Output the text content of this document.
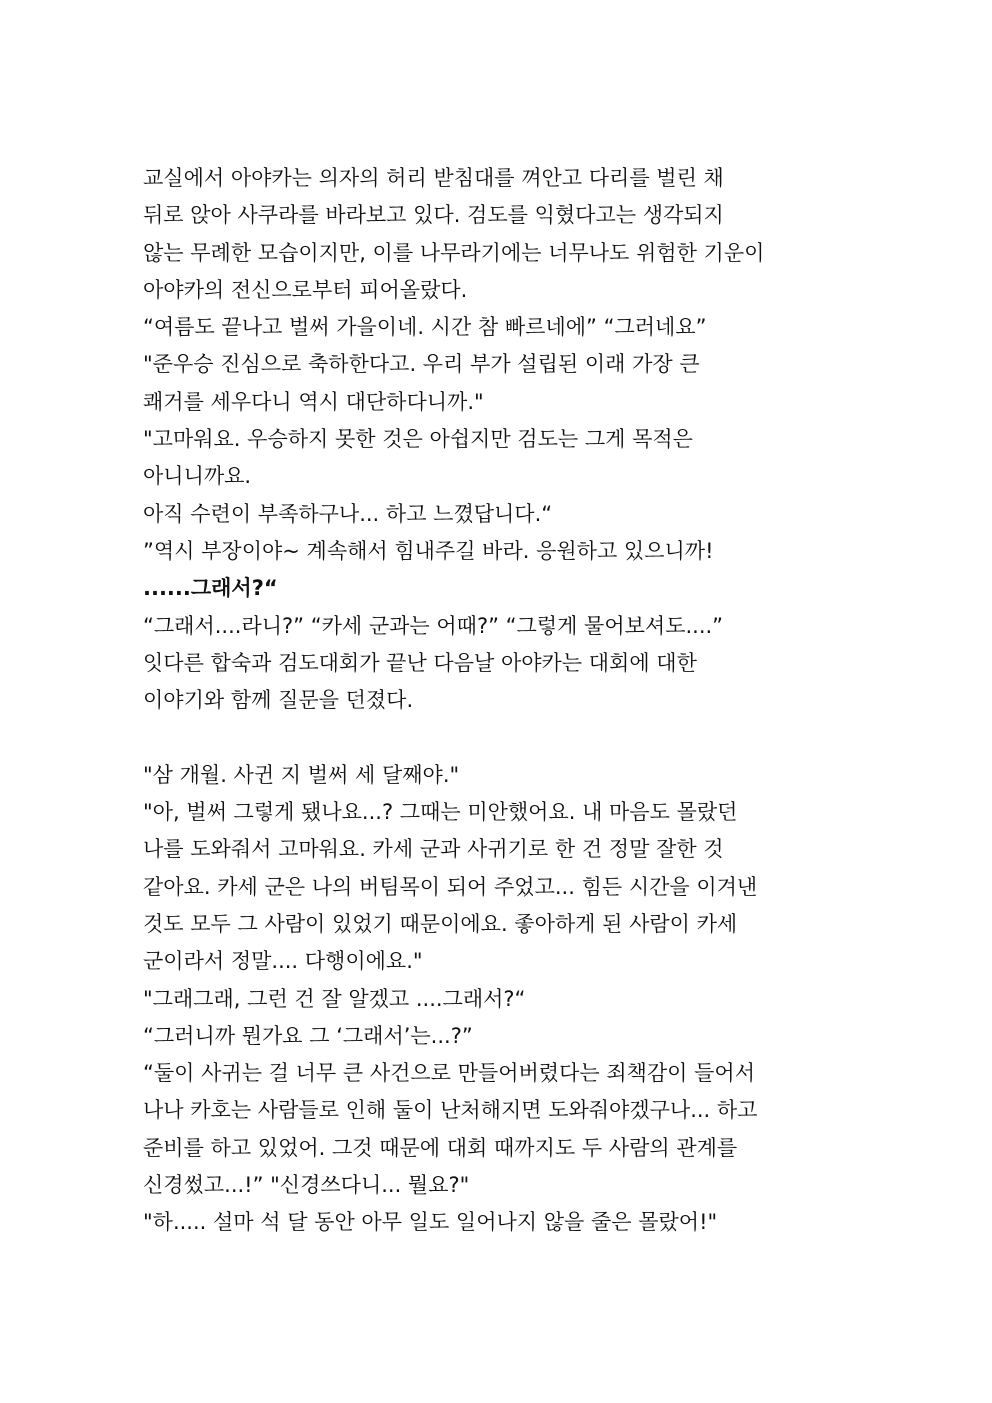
교실에서 아야카는 의자의 허리 받침대를 껴안고 다리를 벌린 채

뒤로 앉아 사쿠라를 바라보고 있다. 검도를 익혔다고는 생각되지

않는 무례한 모습이지만, 이를 나무라기에는 너무나도 위험한 기운이

아야카의 전신으로부터 피어올랐다.

“여름도 끝나고 벌써 가을이네. 시간 참 빠르네에” “그러네요”

"준우승 진심으로 축하한다고. 우리 부가 설립된 이래 가장 큰

쾌거를 세우다니 역시 대단하다니까."

"고마워요. 우승하지 못한 것은 아쉽지만 검도는 그게 목적은

아니니까요.

아직 수련이 부족하구나... 하고 느꼈답니다.“

”역시 부장이야~ 계속해서 힘내주길 바라. 응원하고 있으니까!

......그래서?“

“그래서....라니?” “카세 군과는 어때?” “그렇게 물어보셔도....”

잇다른 합숙과 검도대회가 끝난 다음날 아야카는 대회에 대한

이야기와 함께 질문을 던졌다.

"삼 개월. 사귄 지 벌써 세 달째야."

"아, 벌써 그렇게 됐나요...? 그때는 미안했어요. 내 마음도 몰랐던

나를 도와줘서 고마워요. 카세 군과 사귀기로 한 건 정말 잘한 것

같아요. 카세 군은 나의 버팀목이 되어 주었고... 힘든 시간을 이겨낸

것도 모두 그 사람이 있었기 때문이에요. 좋아하게 된 사람이 카세

군이라서 정말.... 다행이에요."

"그래그래, 그런 건 잘 알겠고 ....그래서?“

“그러니까 뭔가요 그 ‘그래서’는...?”

“둘이 사귀는 걸 너무 큰 사건으로 만들어버렸다는 죄책감이 들어서

나나 카호는 사람들로 인해 둘이 난처해지면 도와줘야겠구나... 하고

준비를 하고 있었어. 그것 때문에 대회 때까지도 두 사람의 관계를

신경썼고...!” "신경쓰다니... 뭘요?"

"하..... 설마 석 달 동안 아무 일도 일어나지 않을 줄은 몰랐어!"
